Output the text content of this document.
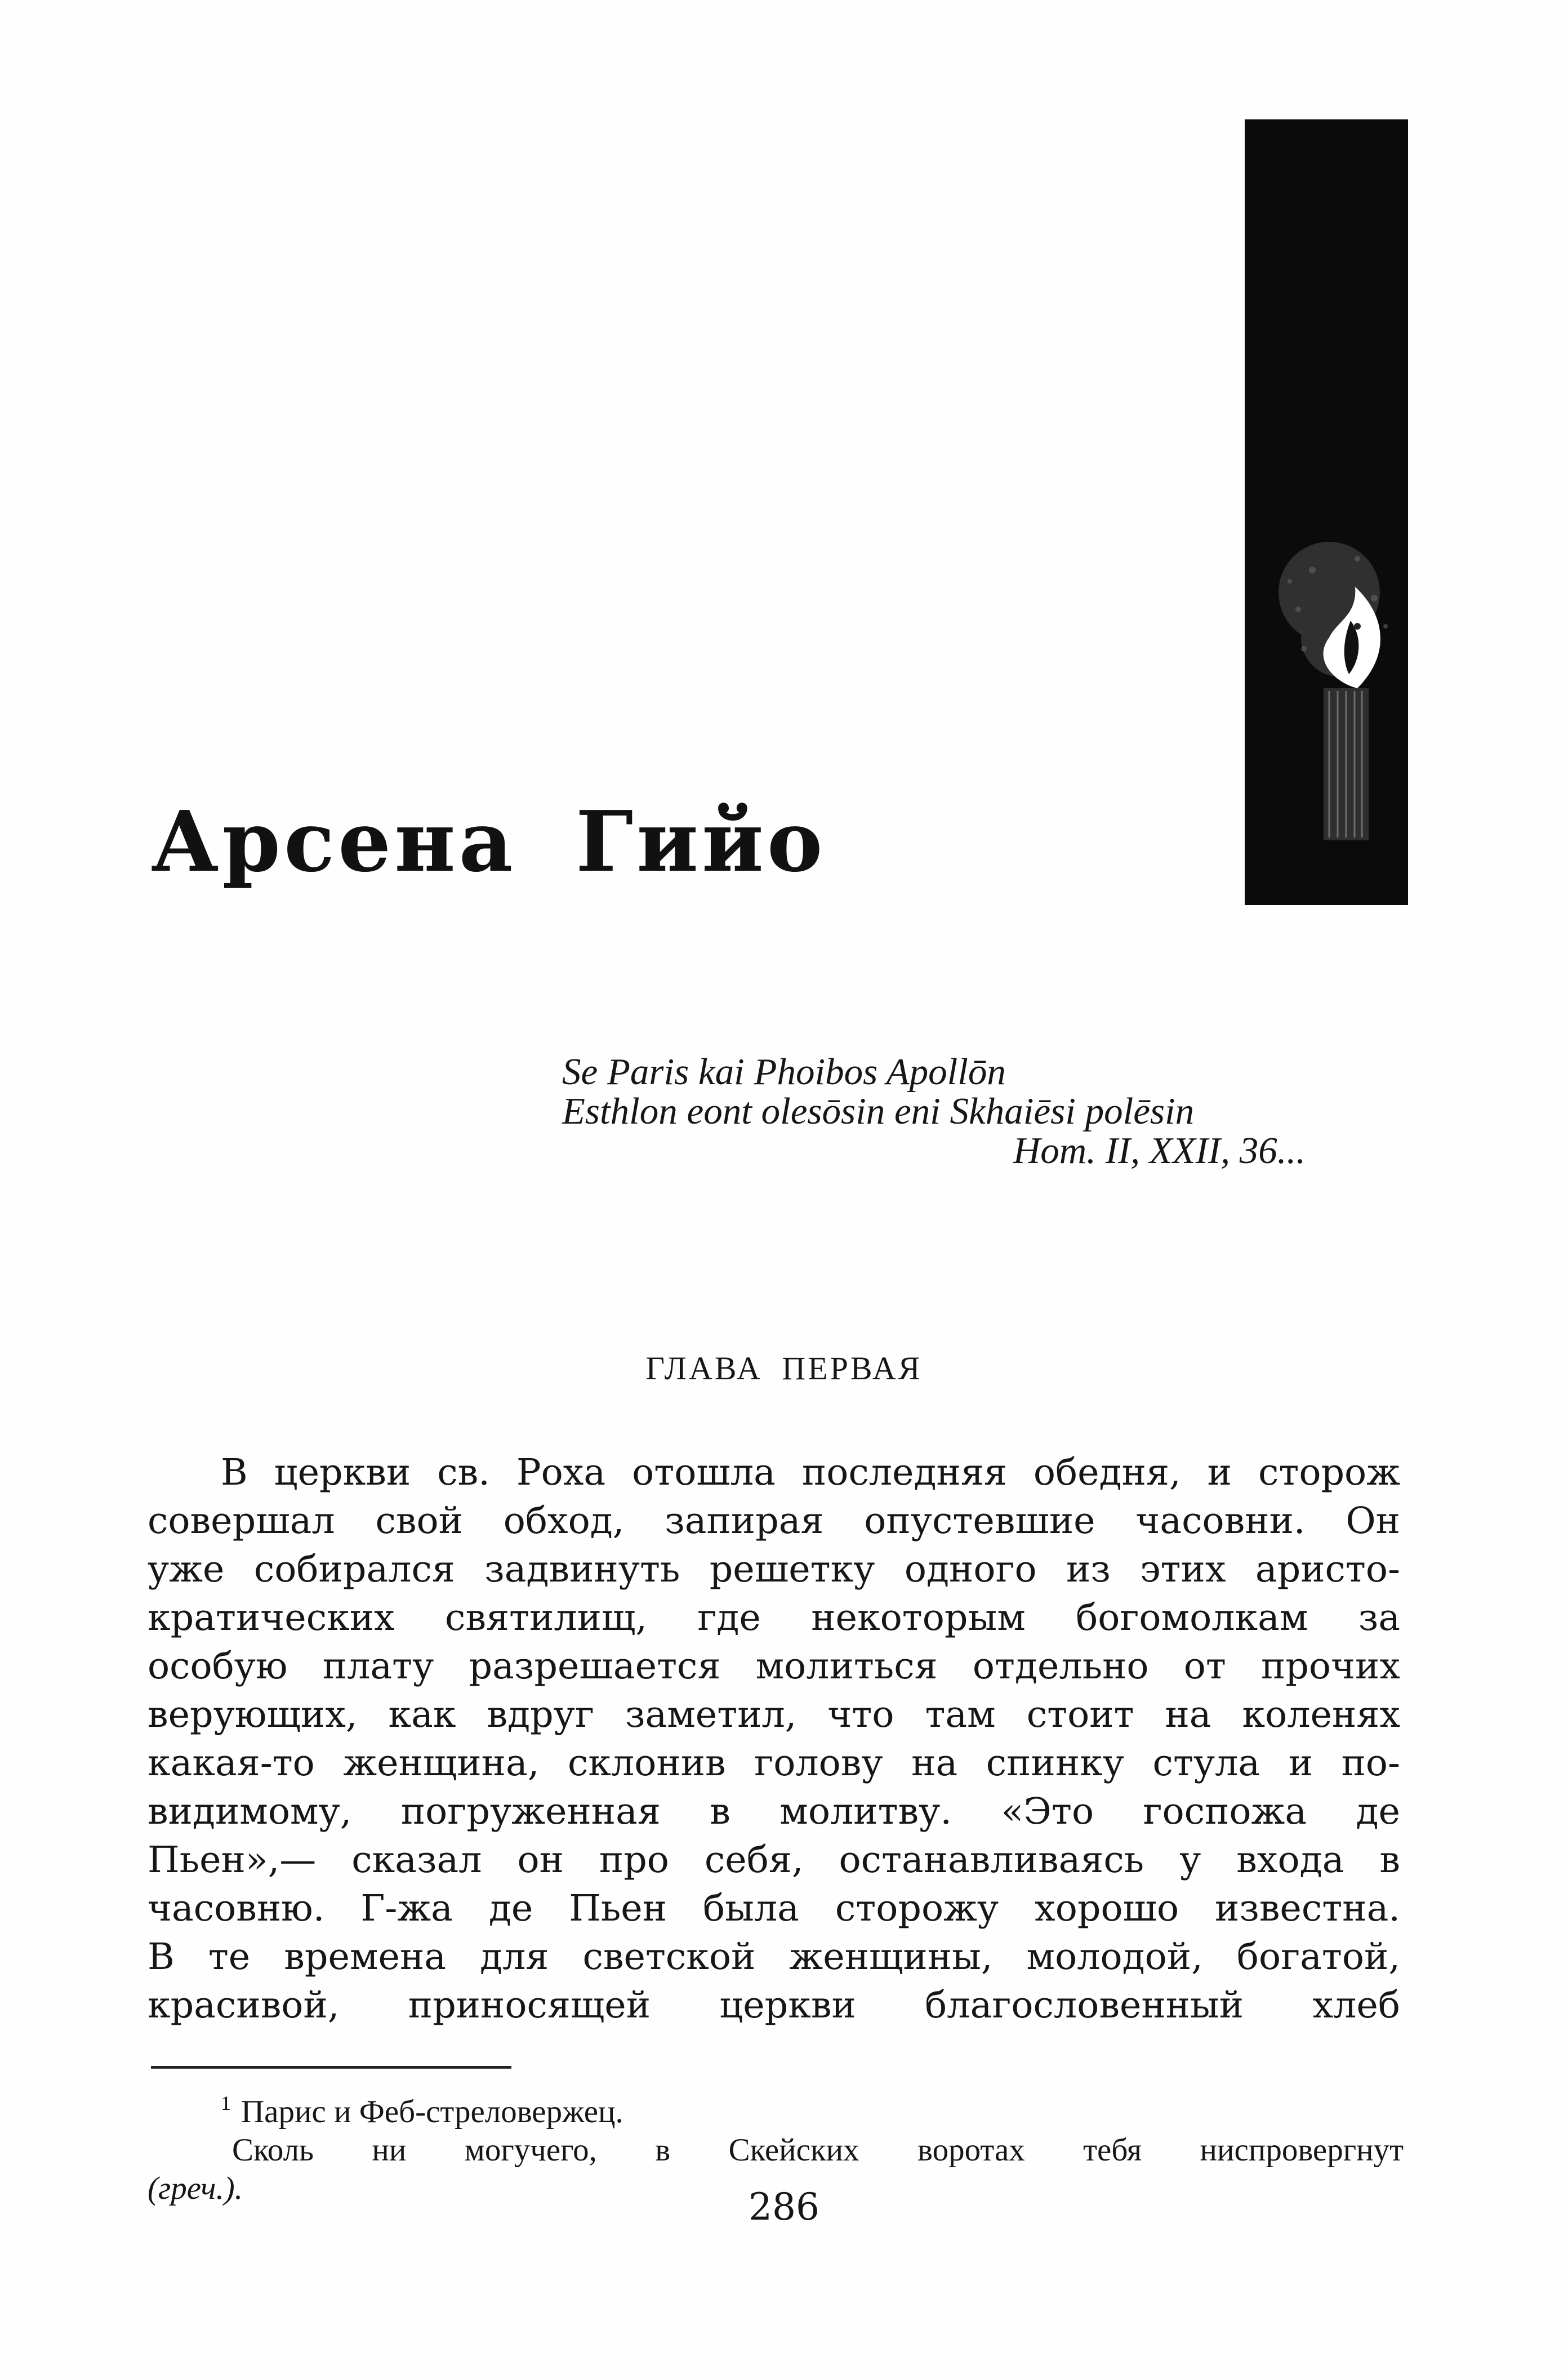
Арсена Гийо
Se Paris kai Phoibos Apollōn
Esthlon eont olesōsin eni Skhaiēsi polēsin
Hom. II, XXII, 36...
ГЛАВА ПЕРВАЯ
В церкви св. Роха отошла последняя обедня, и сторож
совершал свой обход, запирая опустевшие часовни. Он
уже собирался задвинуть решетку одного из этих аристо-
кратических святилищ, где некоторым богомолкам за
особую плату разрешается молиться отдельно от прочих
верующих, как вдруг заметил, что там стоит на коленях
какая-то женщина, склонив голову на спинку стула и по-
видимому, погруженная в молитву. «Это госпожа де
Пьен»,— сказал он про себя, останавливаясь у входа в
часовню. Г-жа де Пьен была сторожу хорошо известна.
В те времена для светской женщины, молодой, богатой,
красивой, приносящей церкви благословенный хлеб
$^1$ Парис и Феб-стреловержец.
Сколь ни могучего, в Скейских воротах тебя ниспровергнут
(греч.).	286
